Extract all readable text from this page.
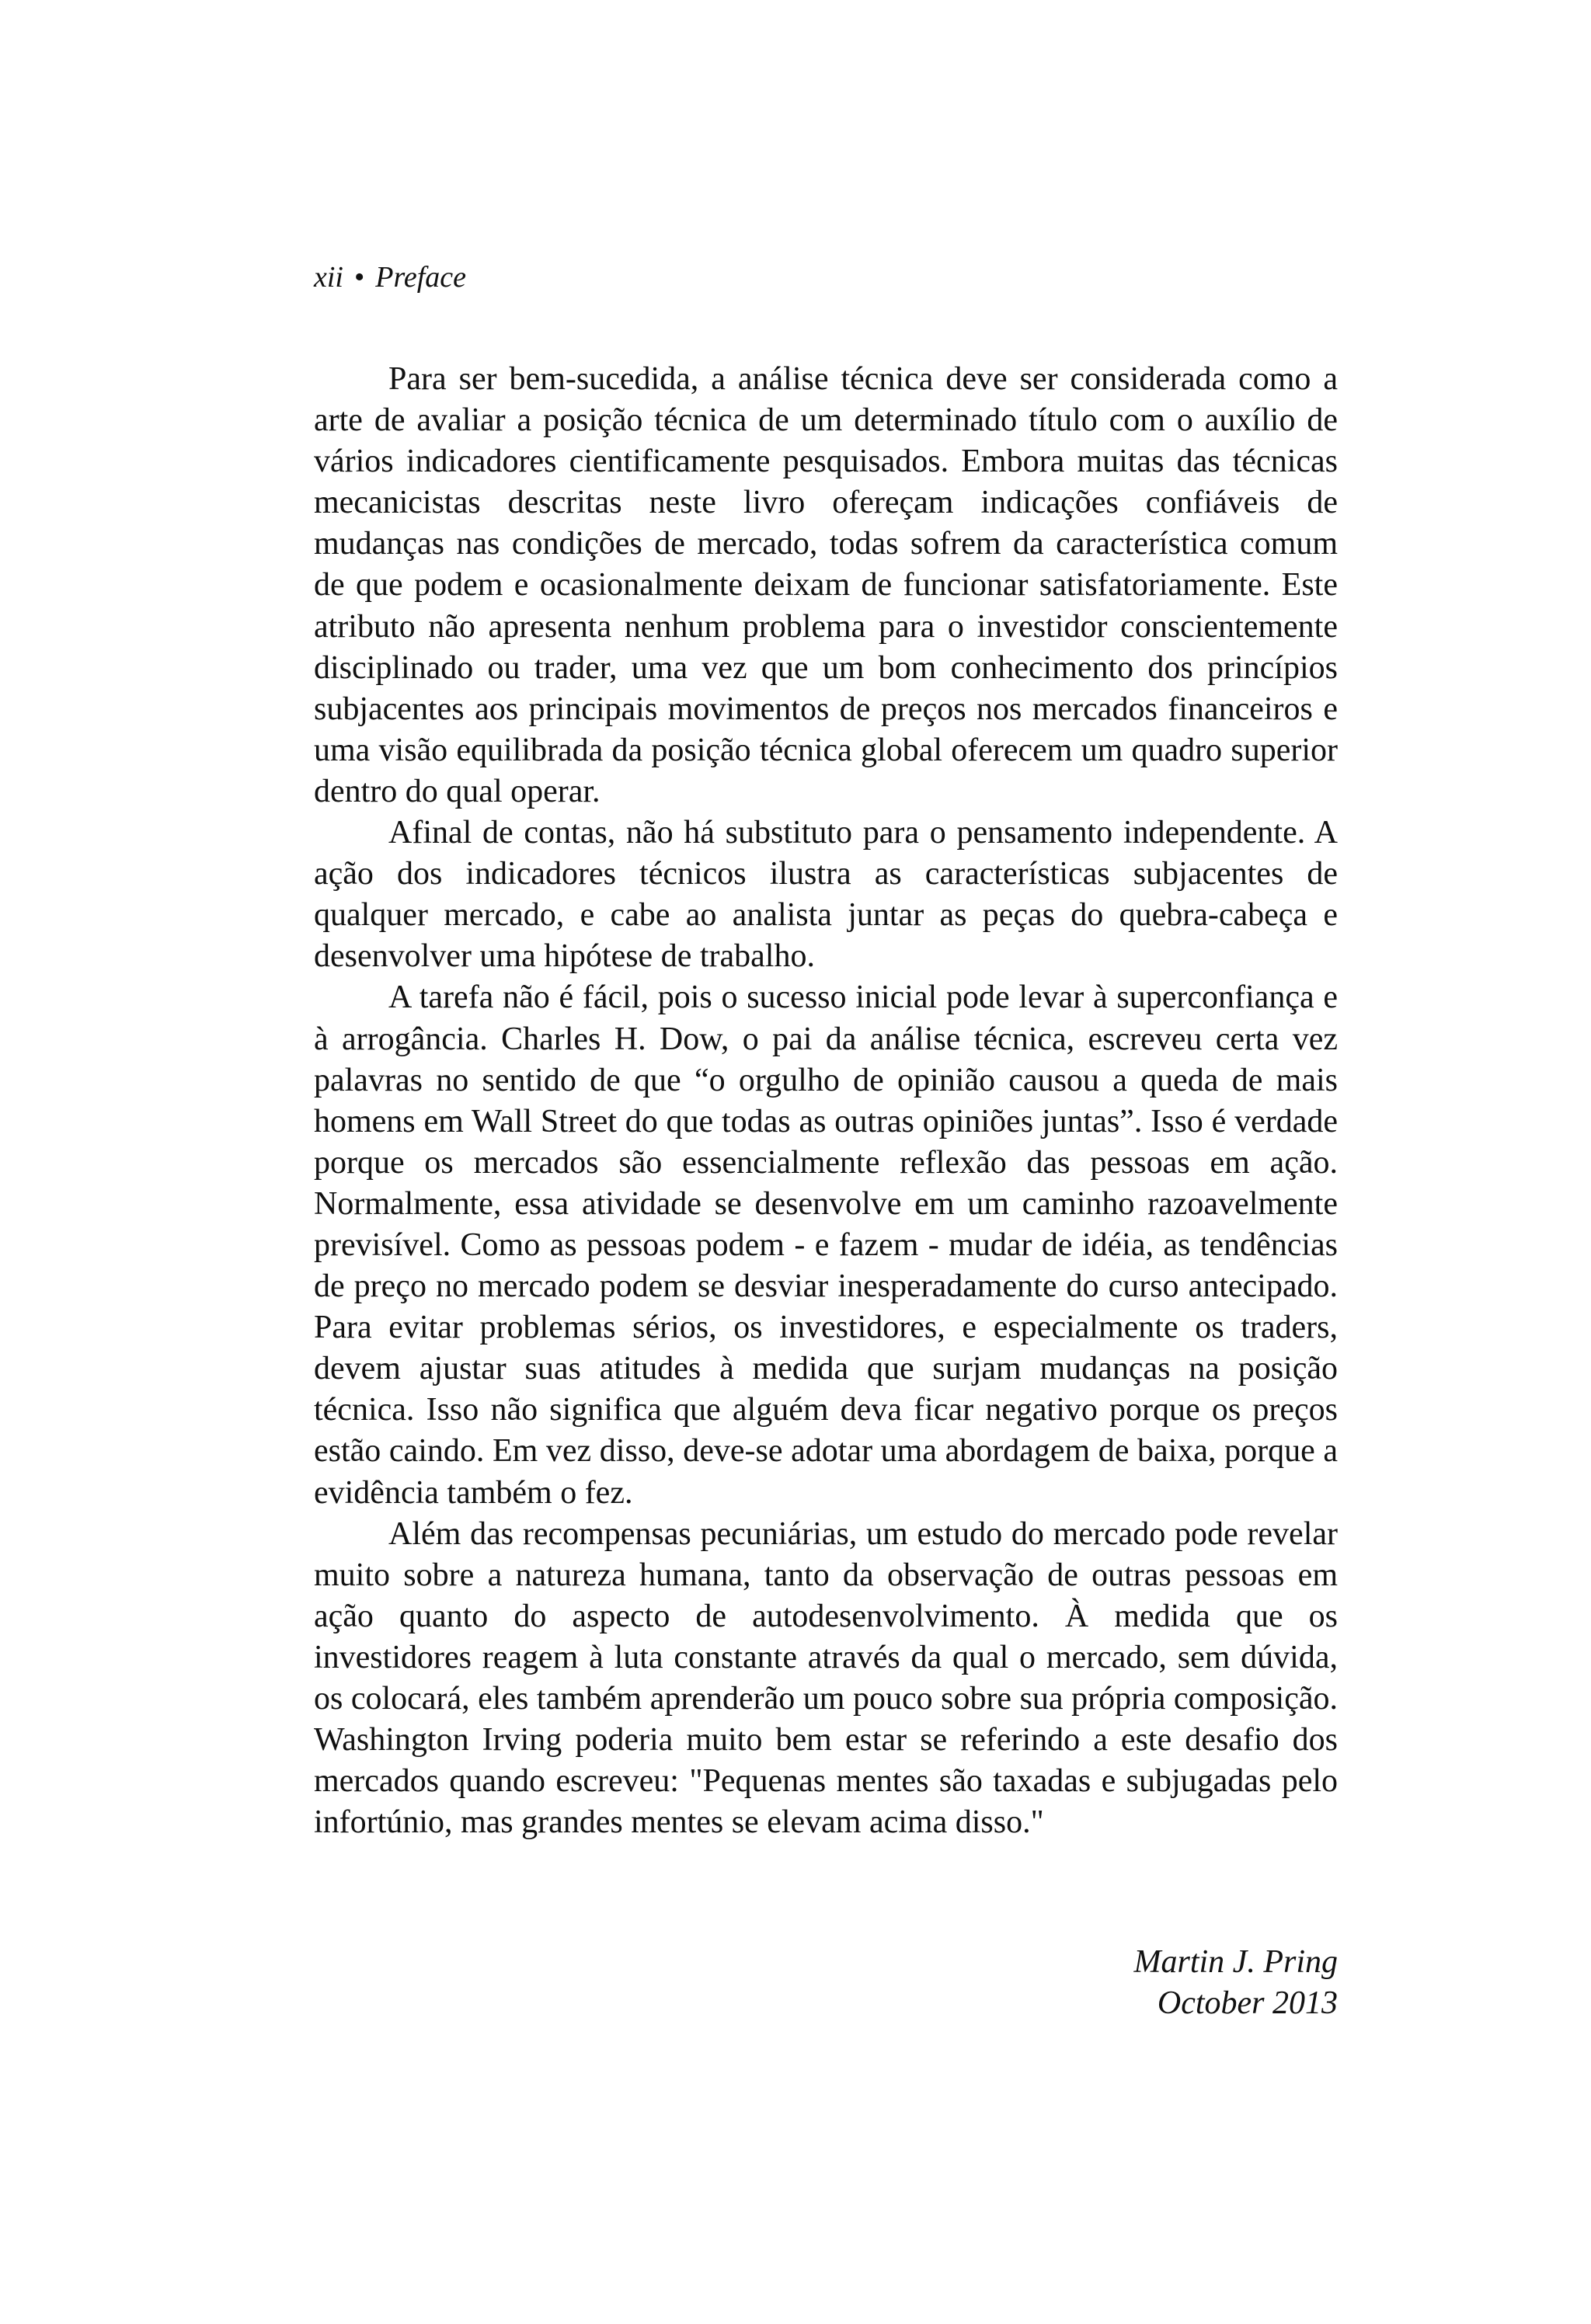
xii • Preface

Para ser bem-sucedida, a análise técnica deve ser considerada como a arte de avaliar a posição técnica de um determinado título com o auxílio de vários indicadores cientificamente pesquisados. Embora muitas das técnicas mecanicistas descritas neste livro ofereçam indicações confiáveis de mudanças nas condições de mercado, todas sofrem da característica comum de que podem e ocasionalmente deixam de funcionar satisfatoriamente. Este atributo não apresenta nenhum problema para o investidor conscientemente disciplinado ou trader, uma vez que um bom conhecimento dos princípios subjacentes aos principais movimentos de preços nos mercados financeiros e uma visão equilibrada da posição técnica global oferecem um quadro superior dentro do qual operar.

Afinal de contas, não há substituto para o pensamento independente. A ação dos indicadores técnicos ilustra as características subjacentes de qualquer mercado, e cabe ao analista juntar as peças do quebra-cabeça e desenvolver uma hipótese de trabalho.

A tarefa não é fácil, pois o sucesso inicial pode levar à superconfiança e à arrogância. Charles H. Dow, o pai da análise técnica, escreveu certa vez palavras no sentido de que “o orgulho de opinião causou a queda de mais homens em Wall Street do que todas as outras opiniões juntas”. Isso é verdade porque os mercados são essencialmente reflexão das pessoas em ação. Normalmente, essa atividade se desenvolve em um caminho razoavelmente previsível. Como as pessoas podem - e fazem - mudar de idéia, as tendências de preço no mercado podem se desviar inesperadamente do curso antecipado. Para evitar problemas sérios, os investidores, e especialmente os traders, devem ajustar suas atitudes à medida que surjam mudanças na posição técnica. Isso não significa que alguém deva ficar negativo porque os preços estão caindo. Em vez disso, deve-se adotar uma abordagem de baixa, porque a evidência também o fez.

Além das recompensas pecuniárias, um estudo do mercado pode revelar muito sobre a natureza humana, tanto da observação de outras pessoas em ação quanto do aspecto de autodesenvolvimento. À medida que os investidores reagem à luta constante através da qual o mercado, sem dúvida, os colocará, eles também aprenderão um pouco sobre sua própria composição. Washington Irving poderia muito bem estar se referindo a este desafio dos mercados quando escreveu: "Pequenas mentes são taxadas e subjugadas pelo infortúnio, mas grandes mentes se elevam acima disso."

Martin J. Pring
October 2013
